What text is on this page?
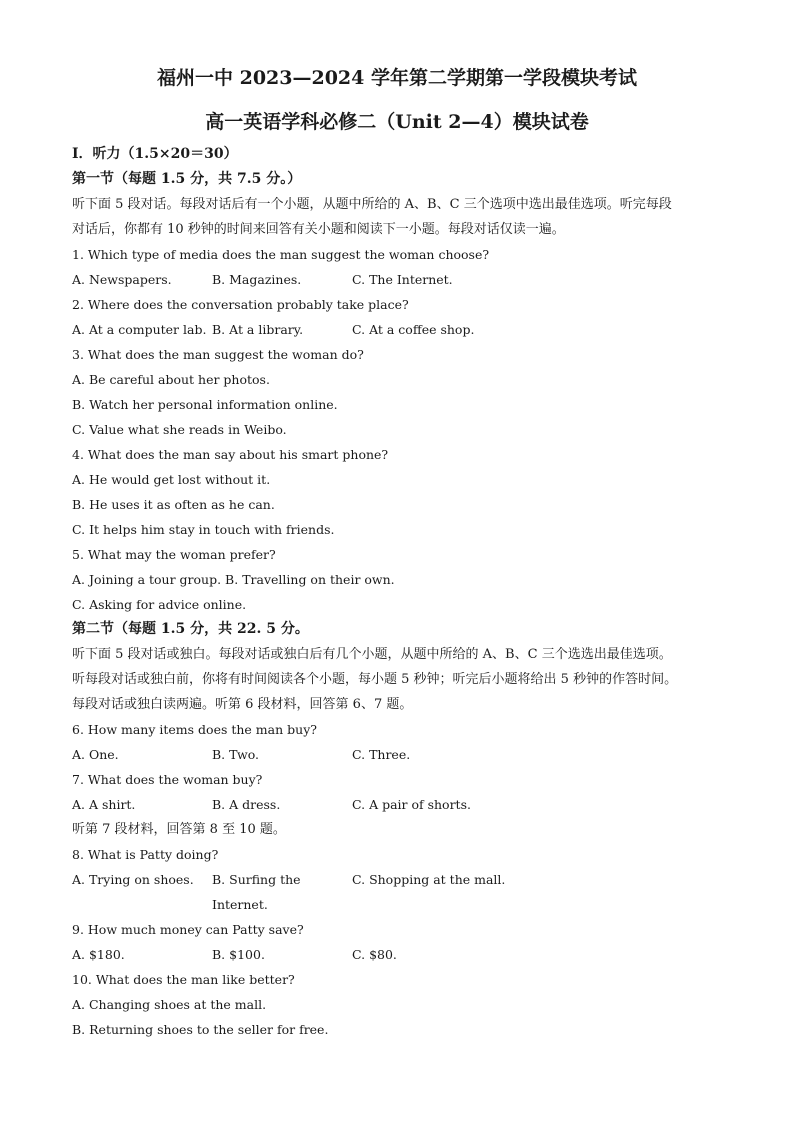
福州一中 2023—2024 学年第二学期第一学段模块考试
高一英语学科必修二（Unit 2—4）模块试卷
I．听力（1.5×20＝30）
第一节（每题 1.5 分，共 7.5 分。）
听下面 5 段对话。每段对话后有一个小题，从题中所给的 A、B、C 三个选项中选出最佳选项。听完每段
对话后，你都有 10 秒钟的时间来回答有关小题和阅读下一小题。每段对话仅读一遍。
1. Which type of media does the man suggest the woman choose?
A. Newspapers.	B. Magazines.	C. The Internet.
2. Where does the conversation probably take place?
A. At a computer lab. B. At a library.	C. At a coffee shop.
3. What does the man suggest the woman do?
A. Be careful about her photos.
B. Watch her personal information online.
C. Value what she reads in Weibo.
4. What does the man say about his smart phone?
A. He would get lost without it.
B. He uses it as often as he can.
C. It helps him stay in touch with friends.
5. What may the woman prefer?
A. Joining a tour group. B. Travelling on their own.
C. Asking for advice online.
第二节（每题 1.5 分，共 22. 5 分。
听下面 5 段对话或独白。每段对话或独白后有几个小题，从题中所给的 A、B、C 三个选选出最佳选项。
听每段对话或独白前，你将有时间阅读各个小题，每小题 5 秒钟；听完后小题将给出 5 秒钟的作答时间。
每段对话或独白读两遍。听第 6 段材料，回答第 6、7 题。
6. How many items does the man buy?
A. One.	B. Two.	C. Three.
7. What does the woman buy?
A. A shirt.	B. A dress.	C. A pair of shorts.
听第 7 段材料，回答第 8 至 10 题。
8. What is Patty doing?
A. Trying on shoes.	B. Surfing the Internet.
C. Shopping at the mall.
9. How much money can Patty save?
A. $180.	B. $100.	C. $80.
10. What does the man like better?
A. Changing shoes at the mall.
B. Returning shoes to the seller for free.
